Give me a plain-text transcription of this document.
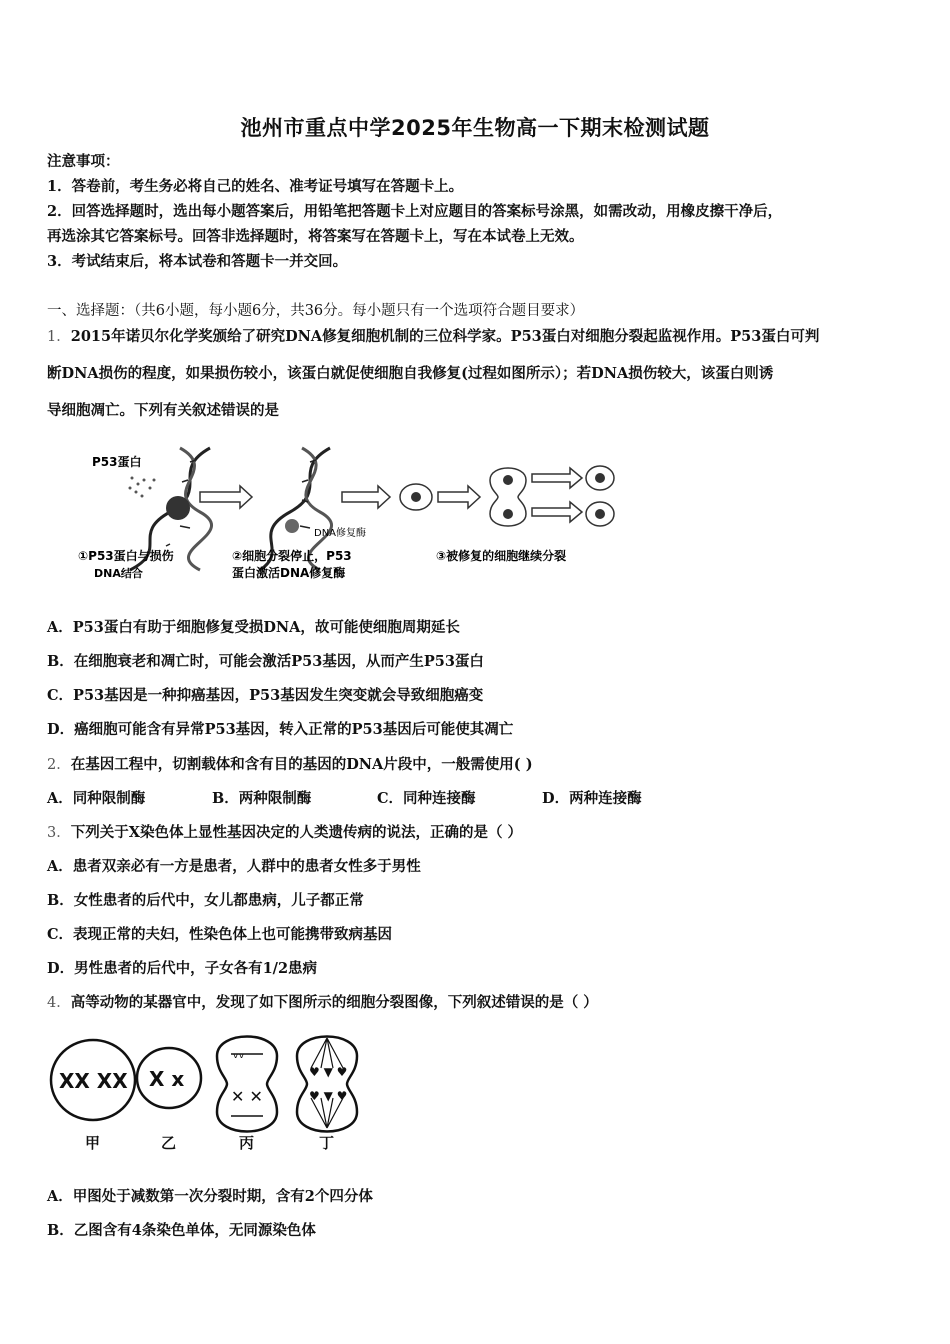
池州市重点中学2025年生物高一下期末检测试题
注意事项：
1．答卷前，考生务必将自己的姓名、准考证号填写在答题卡上。
2．回答选择题时，选出每小题答案后，用铅笔把答题卡上对应题目的答案标号涂黑，如需改动，用橡皮擦干净后，
再选涂其它答案标号。回答非选择题时，将答案写在答题卡上，写在本试卷上无效。
3．考试结束后，将本试卷和答题卡一并交回。
一、选择题：（共6小题，每小题6分，共36分。每小题只有一个选项符合题目要求）
1．2015年诺贝尔化学奖颁给了研究DNA修复细胞机制的三位科学家。P53蛋白对细胞分裂起监视作用。P53蛋白可判
断DNA损伤的程度，如果损伤较小，该蛋白就促使细胞自我修复(过程如图所示）；若DNA损伤较大，该蛋白则诱
导细胞凋亡。下列有关叙述错误的是
P53蛋白
DNA修复酶
①P53蛋白与损伤
DNA结合
②细胞分裂停止，P53
蛋白激活DNA修复酶
③被修复的细胞继续分裂
A．P53蛋白有助于细胞修复受损DNA，故可能使细胞周期延长
B．在细胞衰老和凋亡时，可能会激活P53基因，从而产生P53蛋白
C．P53基因是一种抑癌基因，P53基因发生突变就会导致细胞癌变
D．癌细胞可能含有异常P53基因，转入正常的P53基因后可能使其凋亡
2．在基因工程中，切割载体和含有目的基因的DNA片段中，一般需使用( )
A．同种限制酶	B．两种限制酶	C．同种连接酶	D．两种连接酶
3．下列关于X染色体上显性基因决定的人类遗传病的说法，正确的是（ ）
A．患者双亲必有一方是患者，人群中的患者女性多于男性
B．女性患者的后代中，女儿都患病，儿子都正常
C．表现正常的夫妇，性染色体上也可能携带致病基因
D．男性患者的后代中，子女各有1/2患病
4．高等动物的某器官中，发现了如下图所示的细胞分裂图像，下列叙述错误的是（ ）
XX XX X x
ᵥᵥ
✕ ✕
♥ ▼ ♥
♥ ▼ ♥
甲	乙	丙	丁
A．甲图处于减数第一次分裂时期，含有2个四分体
B．乙图含有4条染色单体，无同源染色体
